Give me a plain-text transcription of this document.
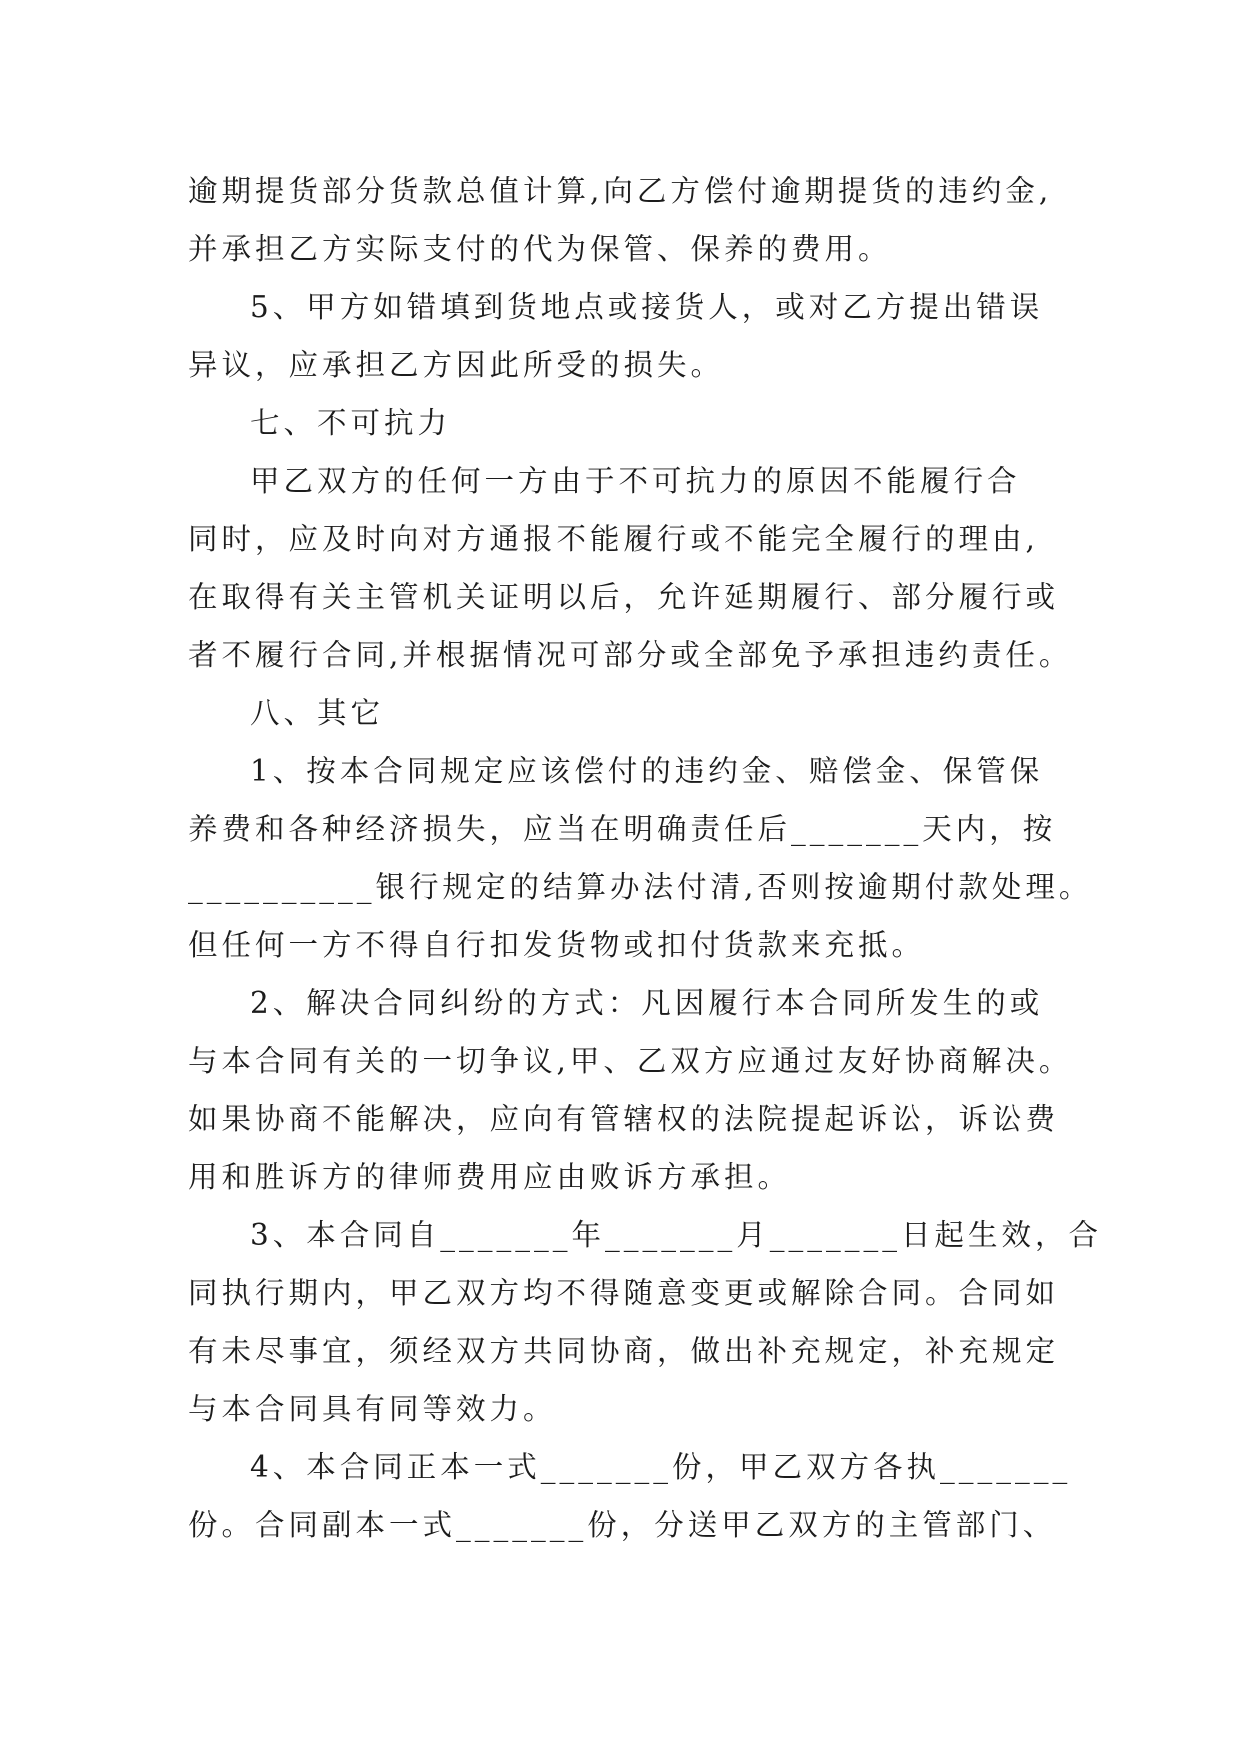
逾期提货部分货款总值计算,向乙方偿付逾期提货的违约金,
并承担乙方实际支付的代为保管、保养的费用。
5、甲方如错填到货地点或接货人，或对乙方提出错误
异议，应承担乙方因此所受的损失。
七、不可抗力
甲乙双方的任何一方由于不可抗力的原因不能履行合
同时，应及时向对方通报不能履行或不能完全履行的理由,
在取得有关主管机关证明以后，允许延期履行、部分履行或
者不履行合同,并根据情况可部分或全部免予承担违约责任。
八、其它
1、按本合同规定应该偿付的违约金、赔偿金、保管保
养费和各种经济损失，应当在明确责任后_______天内，按
__________银行规定的结算办法付清,否则按逾期付款处理。
但任何一方不得自行扣发货物或扣付货款来充抵。
2、解决合同纠纷的方式：凡因履行本合同所发生的或
与本合同有关的一切争议,甲、乙双方应通过友好协商解决。
如果协商不能解决，应向有管辖权的法院提起诉讼，诉讼费
用和胜诉方的律师费用应由败诉方承担。
3、本合同自_______年_______月_______日起生效，合
同执行期内，甲乙双方均不得随意变更或解除合同。合同如
有未尽事宜，须经双方共同协商，做出补充规定，补充规定
与本合同具有同等效力。
4、本合同正本一式_______份，甲乙双方各执_______
份。合同副本一式_______份，分送甲乙双方的主管部门、
